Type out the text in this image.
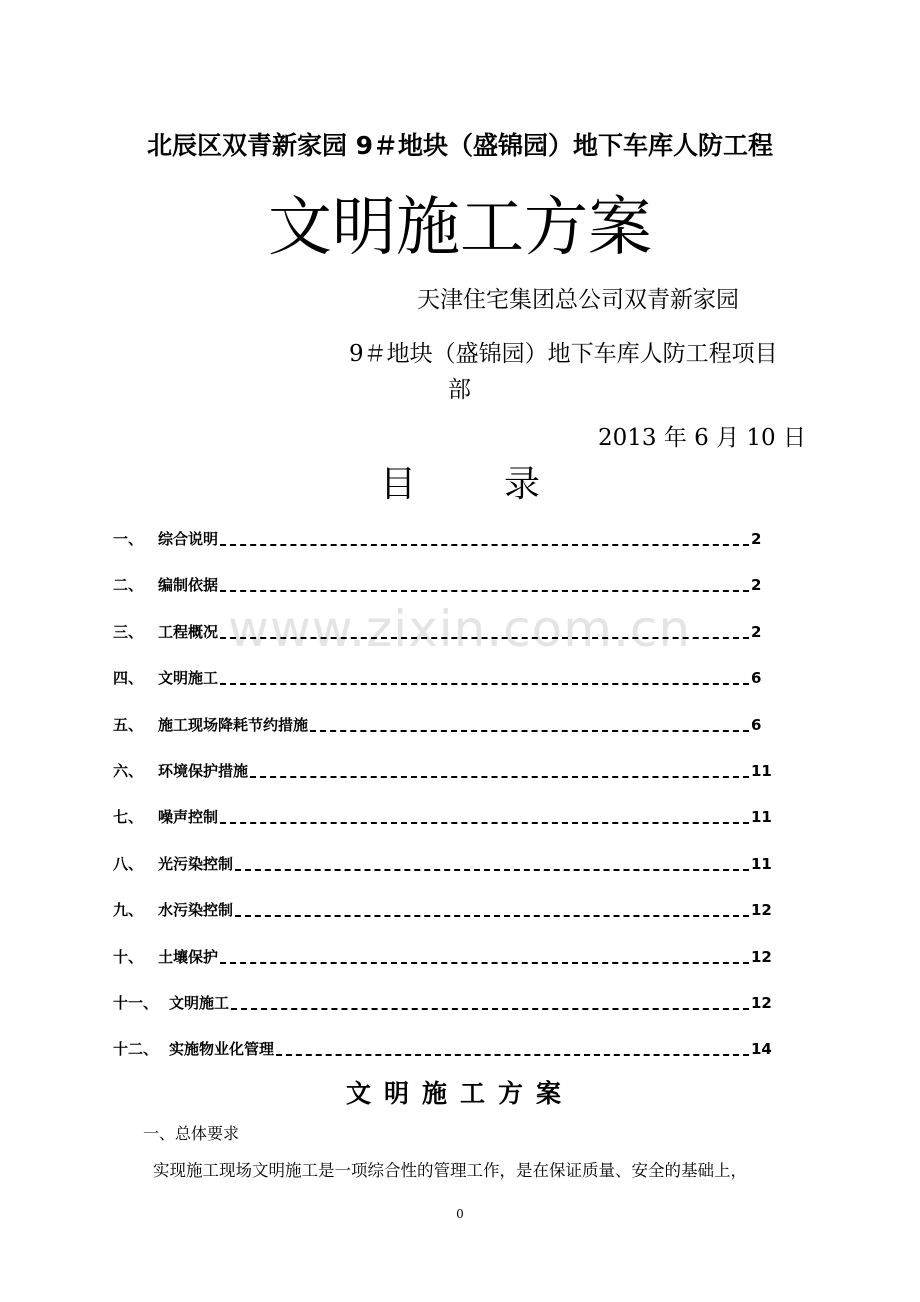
www.zixin.com.cn
北辰区双青新家园 9＃地块（盛锦园）地下车库人防工程
文明施工方案
天津住宅集团总公司双青新家园
9＃地块（盛锦园）地下车库人防工程项目
部
2013 年 6 月 10 日
目 录
一、 综合说明	2
二、 编制依据	2
三、 工程概况	2
四、 文明施工	6
五、 施工现场降耗节约措施	6
六、 环境保护措施	11
七、 噪声控制	11
八、 光污染控制	11
九、 水污染控制	12
十、 土壤保护	12
十一、 文明施工	12
十二、 实施物业化管理	14
文明施工方案
一、总体要求
实现施工现场文明施工是一项综合性的管理工作，是在保证质量、安全的基础上，
0
